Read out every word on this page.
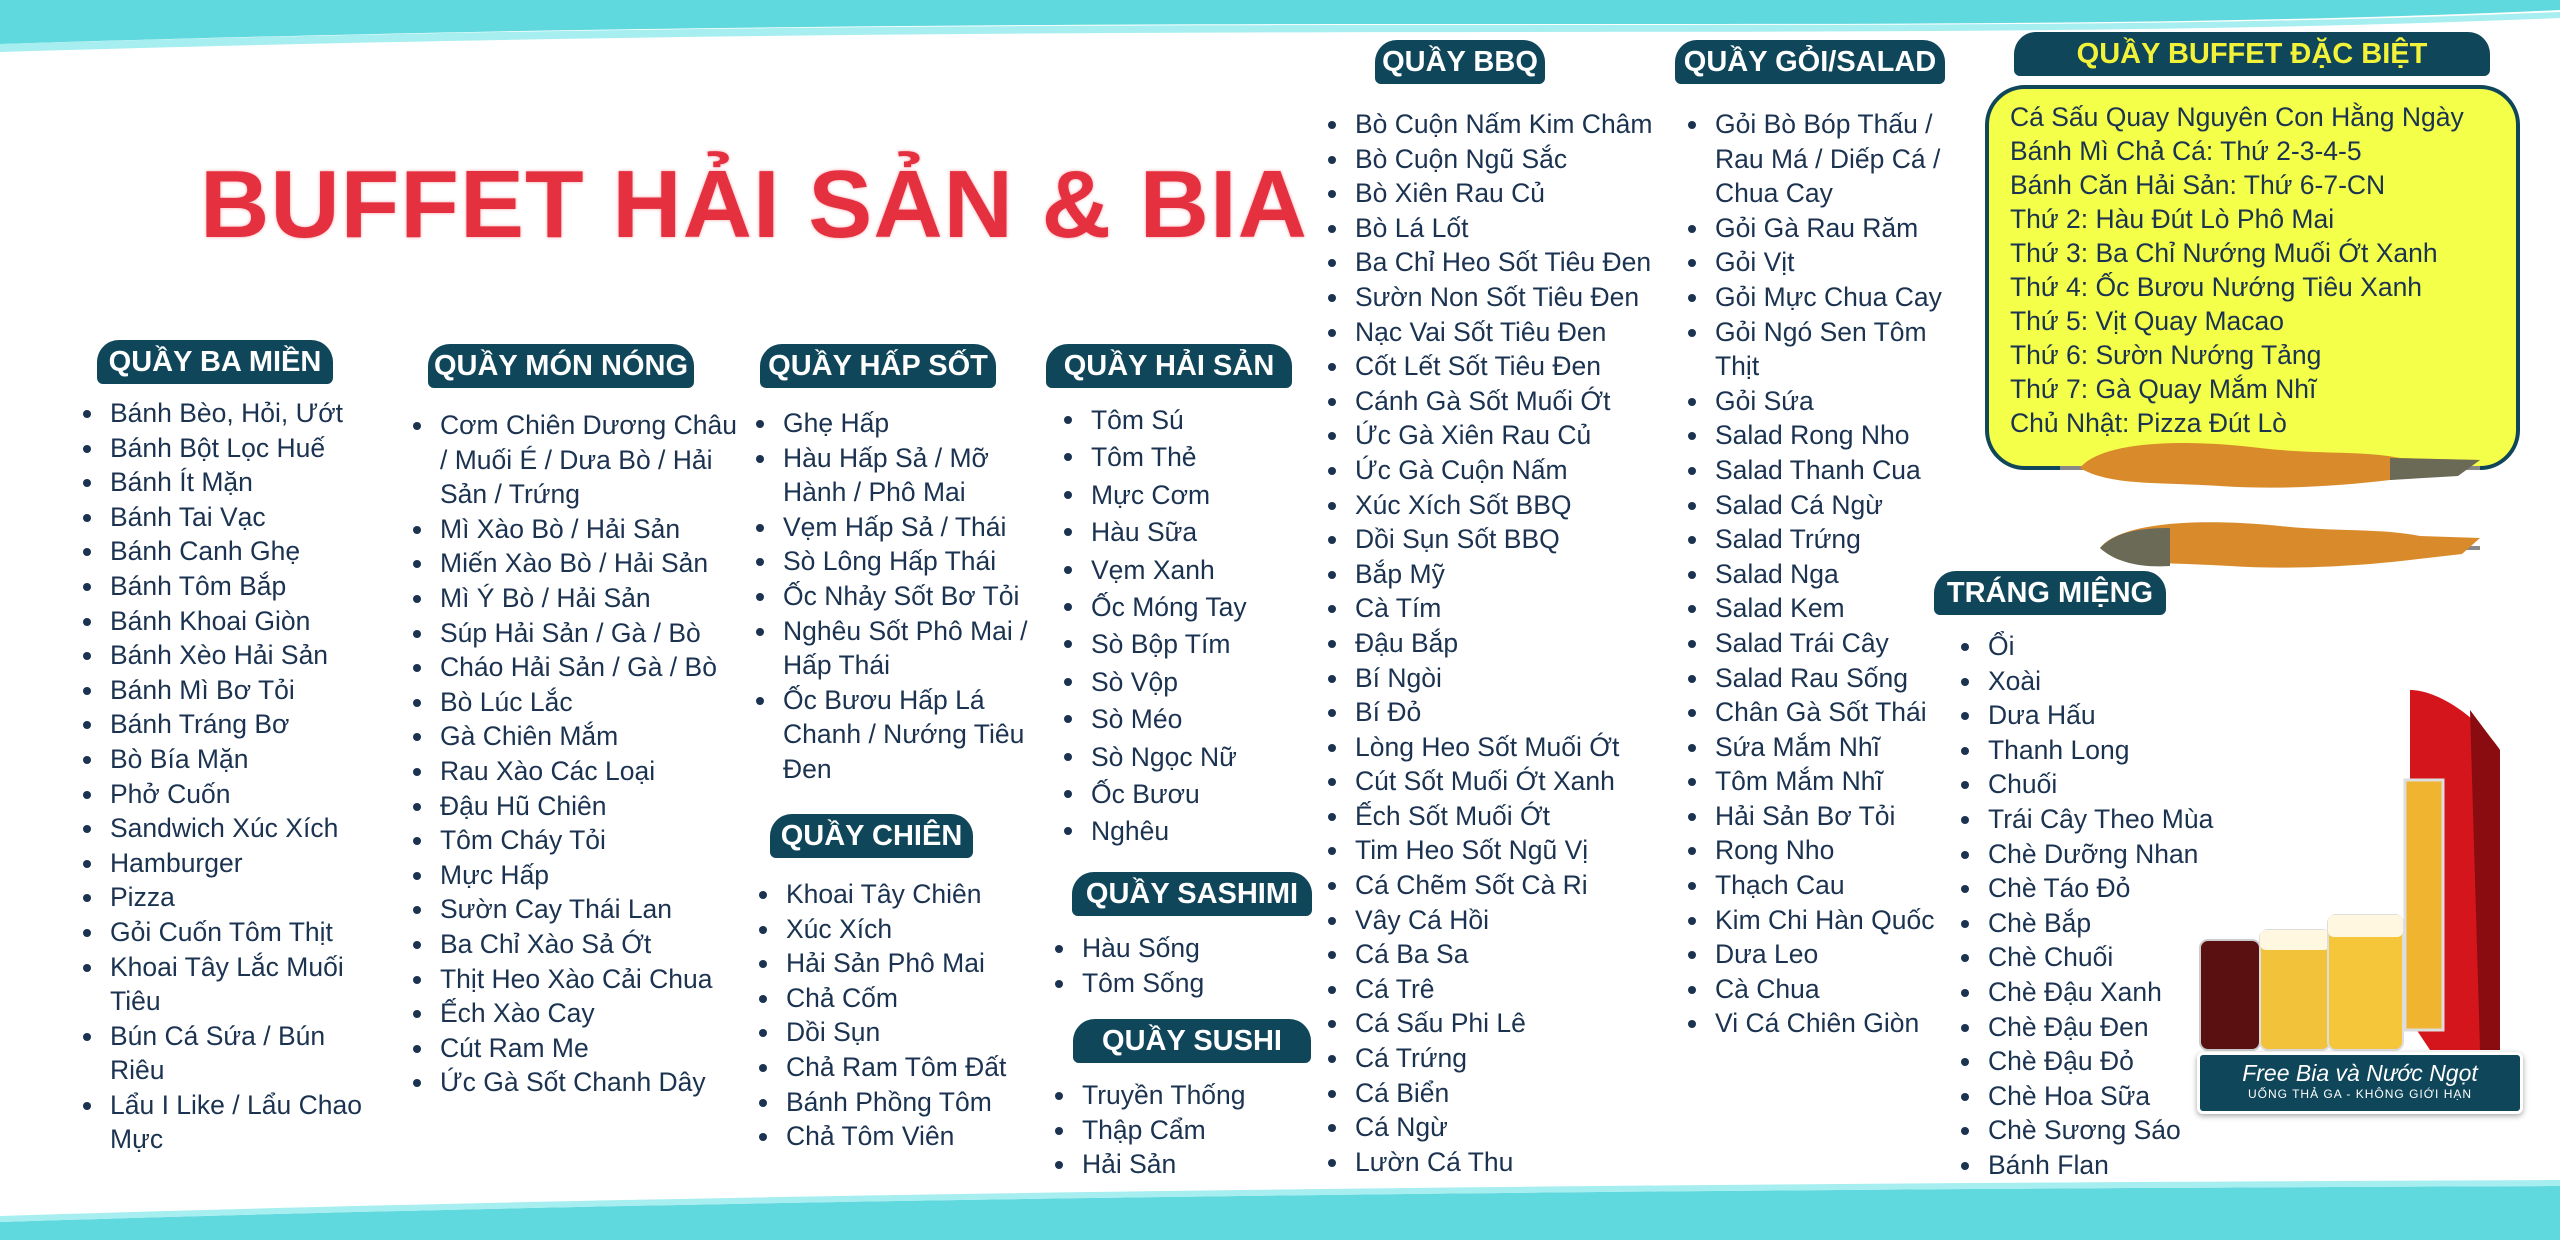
BUFFET HẢI SẢN & BIA
QUẦY BA MIỀN
Bánh Bèo, Hỏi, Ướt
Bánh Bột Lọc Huế
Bánh Ít Mặn
Bánh Tai Vạc
Bánh Canh Ghẹ
Bánh Tôm Bắp
Bánh Khoai Giòn
Bánh Xèo Hải Sản
Bánh Mì Bơ Tỏi
Bánh Tráng Bơ
Bò Bía Mặn
Phở Cuốn
Sandwich Xúc Xích
Hamburger
Pizza
Gỏi Cuốn Tôm Thịt
Khoai Tây Lắc Muối Tiêu
Bún Cá Sứa / Bún Riêu
Lẩu I Like / Lẩu Chao Mực
QUẦY MÓN NÓNG
Cơm Chiên Dương Châu / Muối É / Dưa Bò / Hải Sản / Trứng
Mì Xào Bò / Hải Sản
Miến Xào Bò / Hải Sản
Mì Ý Bò / Hải Sản
Súp Hải Sản / Gà / Bò
Cháo Hải Sản / Gà / Bò
Bò Lúc Lắc
Gà Chiên Mắm
Rau Xào Các Loại
Đậu Hũ Chiên
Tôm Cháy Tỏi
Mực Hấp
Sườn Cay Thái Lan
Ba Chỉ Xào Sả Ớt
Thịt Heo Xào Cải Chua
Ếch Xào Cay
Cút Ram Me
Ức Gà Sốt Chanh Dây
QUẦY HẤP SỐT
Ghẹ Hấp
Hàu Hấp Sả / Mỡ Hành / Phô Mai
Vẹm Hấp Sả / Thái
Sò Lông Hấp Thái
Ốc Nhảy Sốt Bơ Tỏi
Nghêu Sốt Phô Mai / Hấp Thái
Ốc Bươu Hấp Lá Chanh / Nướng Tiêu Đen
QUẦY CHIÊN
Khoai Tây Chiên
Xúc Xích
Hải Sản Phô Mai
Chả Cốm
Dồi Sụn
Chả Ram Tôm Đất
Bánh Phồng Tôm
Chả Tôm Viên
QUẦY HẢI SẢN
Tôm Sú
Tôm Thẻ
Mực Cơm
Hàu Sữa
Vẹm Xanh
Ốc Móng Tay
Sò Bộp Tím
Sò Vộp
Sò Méo
Sò Ngọc Nữ
Ốc Bươu
Nghêu
QUẦY SASHIMI
Hàu Sống
Tôm Sống
QUẦY SUSHI
Truyền Thống
Thập Cẩm
Hải Sản
QUẦY BBQ
Bò Cuộn Nấm Kim Châm
Bò Cuộn Ngũ Sắc
Bò Xiên Rau Củ
Bò Lá Lốt
Ba Chỉ Heo Sốt Tiêu Đen
Sườn Non Sốt Tiêu Đen
Nạc Vai Sốt Tiêu Đen
Cốt Lết Sốt Tiêu Đen
Cánh Gà Sốt Muối Ớt
Ức Gà Xiên Rau Củ
Ức Gà Cuộn Nấm
Xúc Xích Sốt BBQ
Dồi Sụn Sốt BBQ
Bắp Mỹ
Cà Tím
Đậu Bắp
Bí Ngòi
Bí Đỏ
Lòng Heo Sốt Muối Ớt
Cút Sốt Muối Ớt Xanh
Ếch Sốt Muối Ớt
Tim Heo Sốt Ngũ Vị
Cá Chẽm Sốt Cà Ri
Vây Cá Hồi
Cá Ba Sa
Cá Trê
Cá Sấu Phi Lê
Cá Trứng
Cá Biển
Cá Ngừ
Lườn Cá Thu
QUẦY GỎI/SALAD
Gỏi Bò Bóp Thấu / Rau Má / Diếp Cá / Chua Cay
Gỏi Gà Rau Răm
Gỏi Vịt
Gỏi Mực Chua Cay
Gỏi Ngó Sen Tôm Thịt
Gỏi Sứa
Salad Rong Nho
Salad Thanh Cua
Salad Cá Ngừ
Salad Trứng
Salad Nga
Salad Kem
Salad Trái Cây
Salad Rau Sống
Chân Gà Sốt Thái
Sứa Mắm Nhĩ
Tôm Mắm Nhĩ
Hải Sản Bơ Tỏi
Rong Nho
Thạch Cau
Kim Chi Hàn Quốc
Dưa Leo
Cà Chua
Vi Cá Chiên Giòn
QUẦY BUFFET ĐẶC BIỆT
Cá Sấu Quay Nguyên Con Hằng Ngày
Bánh Mì Chả Cá: Thứ 2-3-4-5
Bánh Căn Hải Sản: Thứ 6-7-CN
Thứ 2: Hàu Đút Lò Phô Mai
Thứ 3: Ba Chỉ Nướng Muối Ớt Xanh
Thứ 4: Ốc Bươu Nướng Tiêu Xanh
Thứ 5: Vịt Quay Macao
Thứ 6: Sườn Nướng Tảng
Thứ 7: Gà Quay Mắm Nhĩ
Chủ Nhật: Pizza Đút Lò
TRÁNG MIỆNG
Ổi
Xoài
Dưa Hấu
Thanh Long
Chuối
Trái Cây Theo Mùa
Chè Dưỡng Nhan
Chè Táo Đỏ
Chè Bắp
Chè Chuối
Chè Đậu Xanh
Chè Đậu Đen
Chè Đậu Đỏ
Chè Hoa Sữa
Chè Sương Sáo
Bánh Flan
Free Bia và Nước Ngọt
UỐNG THẢ GA - KHÔNG GIỚI HẠN
